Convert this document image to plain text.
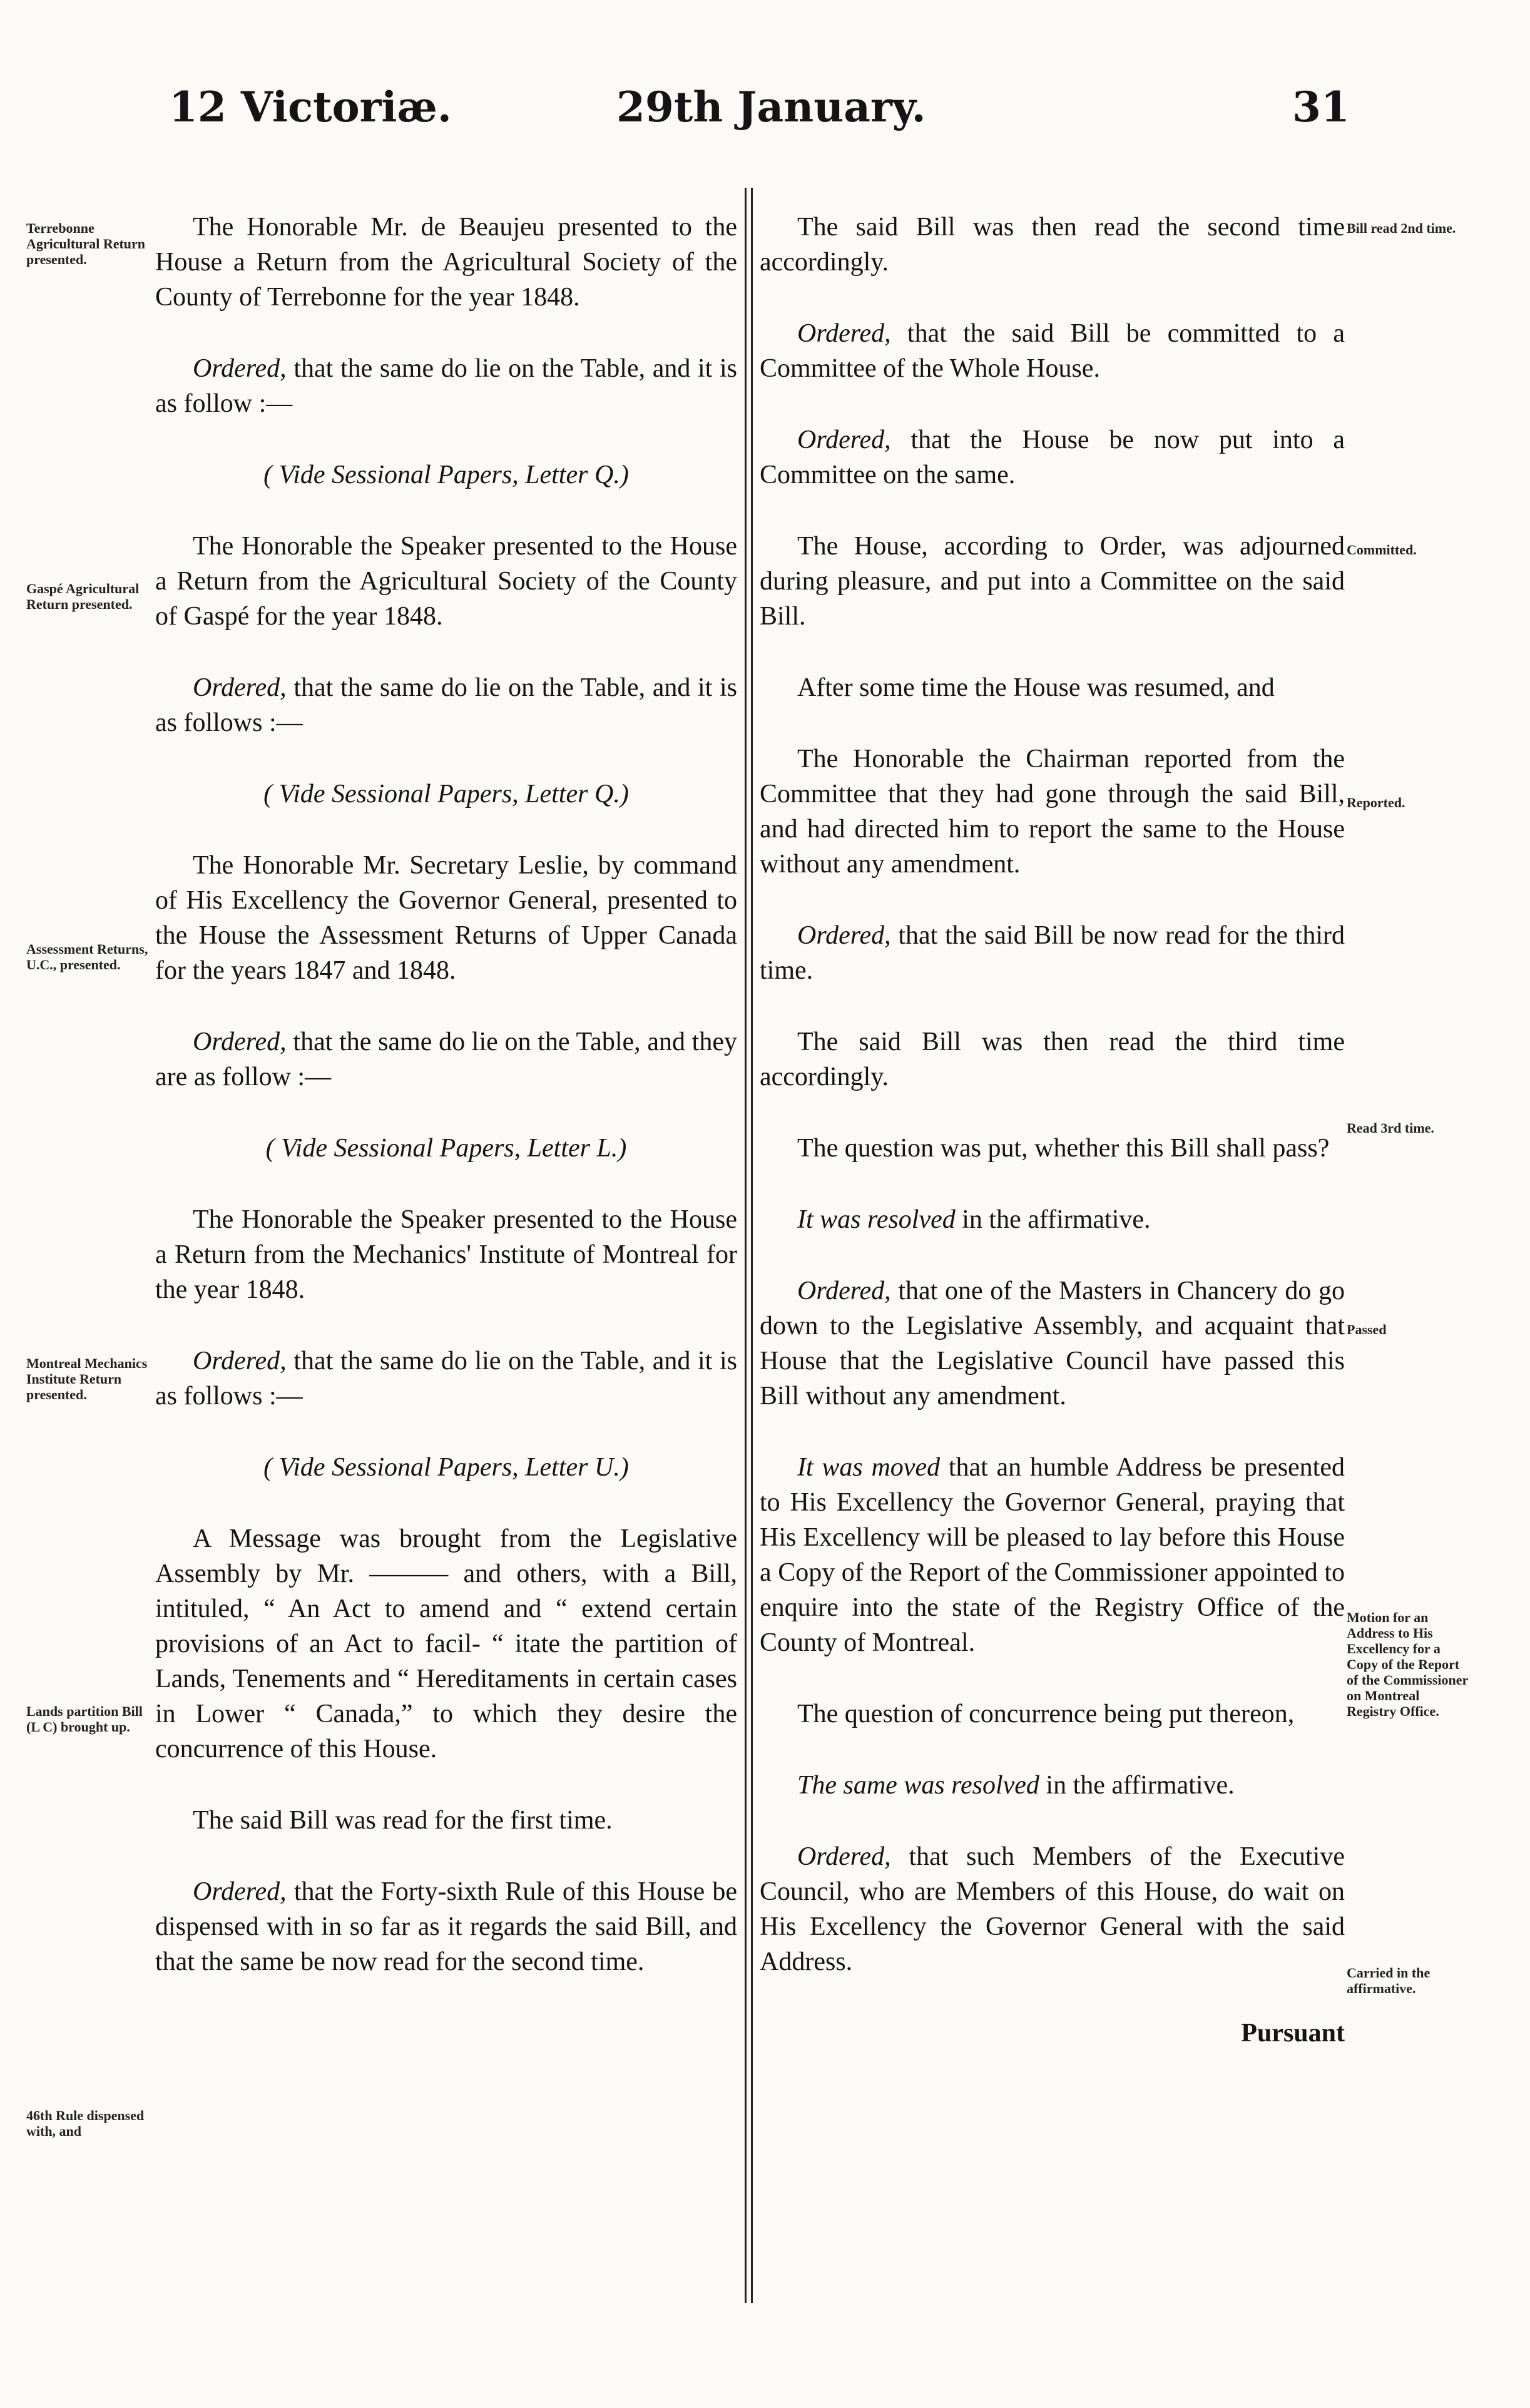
12 Victoriæ.	29th January.	31
The Honorable Mr. de Beaujeu presented to the House a Return from the Agricultural Society of the County of Terrebonne for the year 1848.
Ordered, that the same do lie on the Table, and it is as follow :—
( Vide Sessional Papers, Letter Q.)
The Honorable the Speaker presented to the House a Return from the Agricultural Society of the County of Gaspé for the year 1848.
Ordered, that the same do lie on the Table, and it is as follows :—
( Vide Sessional Papers, Letter Q.)
The Honorable Mr. Secretary Leslie, by command of His Excellency the Governor General, presented to the House the Assessment Returns of Upper Canada for the years 1847 and 1848.
Ordered, that the same do lie on the Table, and they are as follow :—
( Vide Sessional Papers, Letter L.)
The Honorable the Speaker presented to the House a Return from the Mechanics' Institute of Montreal for the year 1848.
Ordered, that the same do lie on the Table, and it is as follows :—
( Vide Sessional Papers, Letter U.)
A Message was brought from the Legislative Assembly by Mr. ——— and others, with a Bill, intituled, “ An Act to amend and “ extend certain provisions of an Act to facil- “ itate the partition of Lands, Tenements and “ Hereditaments in certain cases in Lower “ Canada,” to which they desire the concurrence of this House.
The said Bill was read for the first time.
Ordered, that the Forty-sixth Rule of this House be dispensed with in so far as it regards the said Bill, and that the same be now read for the second time.
The said Bill was then read the second time accordingly.
Ordered, that the said Bill be committed to a Committee of the Whole House.
Ordered, that the House be now put into a Committee on the same.
The House, according to Order, was adjourned during pleasure, and put into a Committee on the said Bill.
After some time the House was resumed, and
The Honorable the Chairman reported from the Committee that they had gone through the said Bill, and had directed him to report the same to the House without any amendment.
Ordered, that the said Bill be now read for the third time.
The said Bill was then read the third time accordingly.
The question was put, whether this Bill shall pass?
It was resolved in the affirmative.
Ordered, that one of the Masters in Chancery do go down to the Legislative Assembly, and acquaint that House that the Legislative Council have passed this Bill without any amendment.
It was moved that an humble Address be presented to His Excellency the Governor General, praying that His Excellency will be pleased to lay before this House a Copy of the Report of the Commissioner appointed to enquire into the state of the Registry Office of the County of Montreal.
The question of concurrence being put thereon,
The same was resolved in the affirmative.
Ordered, that such Members of the Executive Council, who are Members of this House, do wait on His Excellency the Governor General with the said Address.
Pursuant
Terrebonne Agricultural Return presented.
Gaspé Agricultural Return presented.
Assessment Returns, U.C., presented.
Montreal Mechanics Institute Return presented.
Lands partition Bill (L C) brought up.
46th Rule dispensed with, and
Bill read 2nd time.
Committed.
Reported.
Read 3rd time.
Passed
Motion for an Address to His Excellency for a Copy of the Report of the Commissioner on Montreal Registry Office.
Carried in the affirmative.
